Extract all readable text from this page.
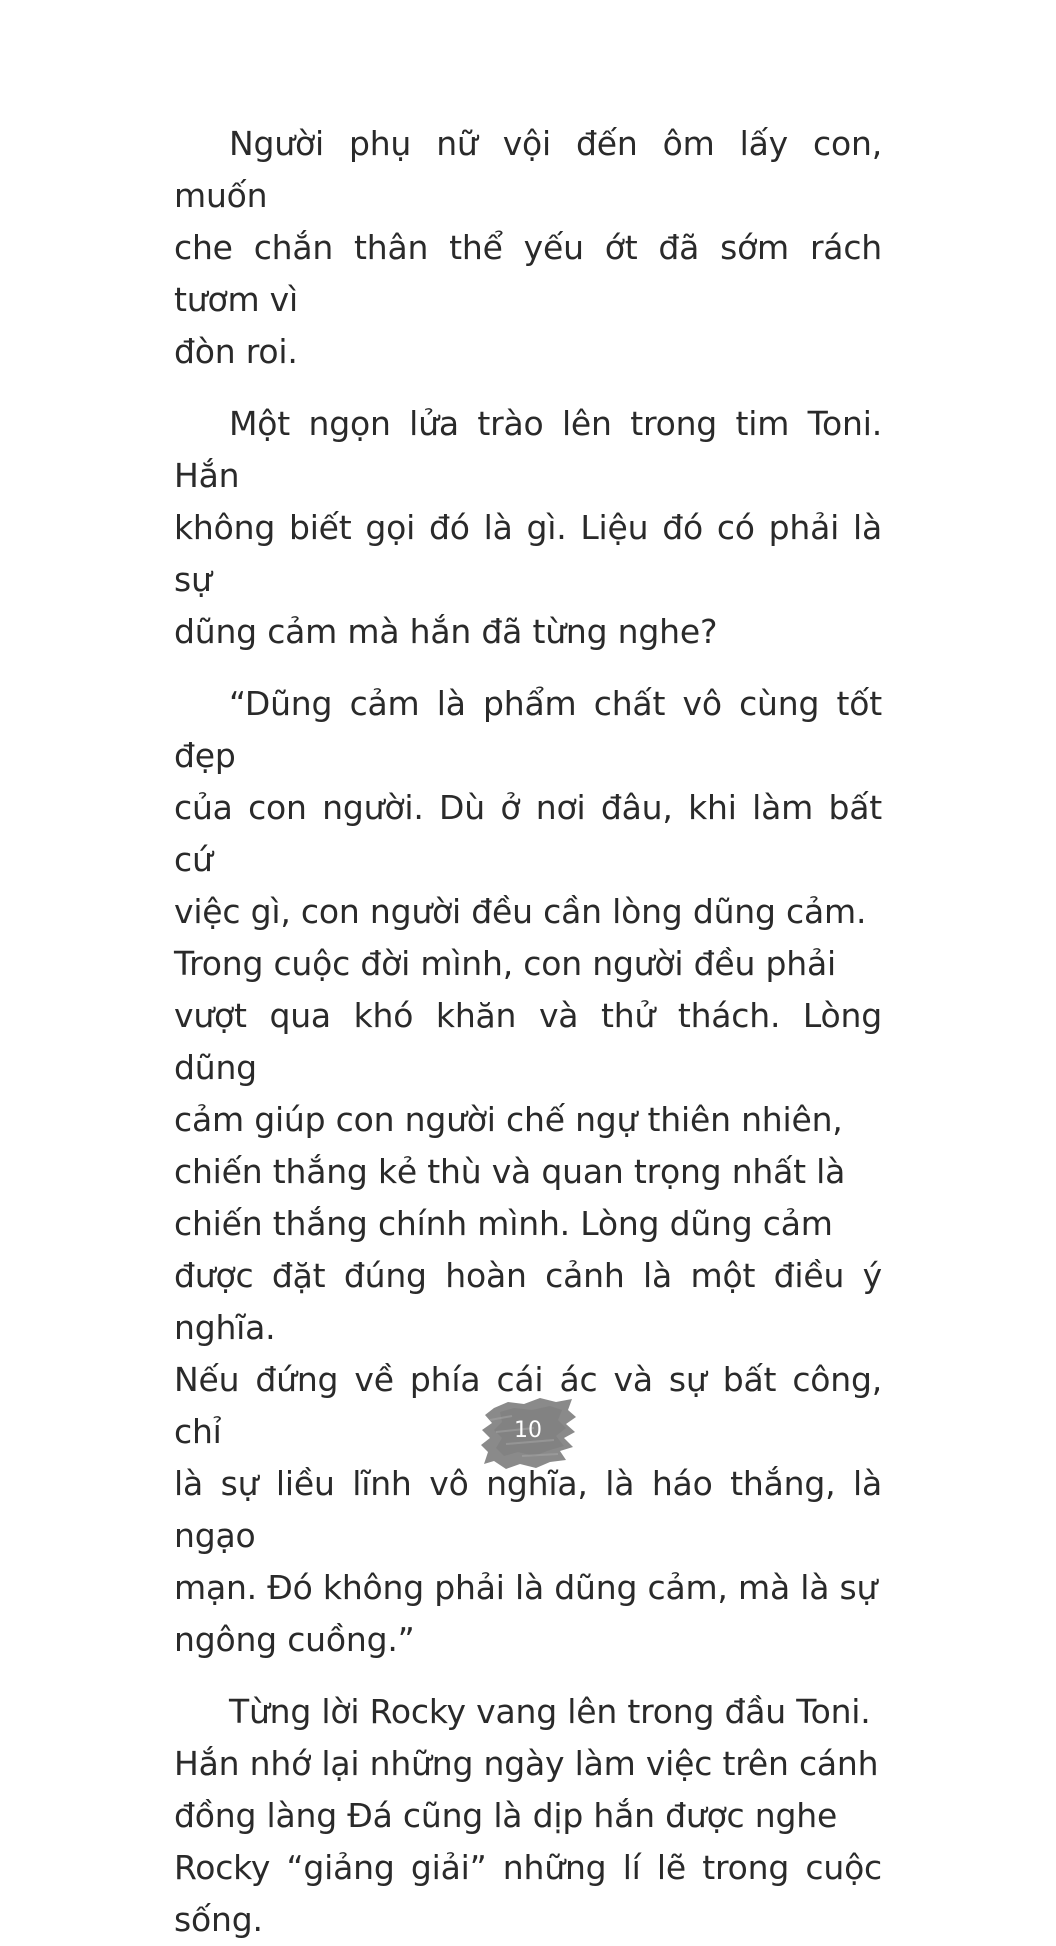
Người phụ nữ vội đến ôm lấy con, muốn
che chắn thân thể yếu ớt đã sớm rách tươm vì
đòn roi.

Một ngọn lửa trào lên trong tim Toni. Hắn
không biết gọi đó là gì. Liệu đó có phải là sự
dũng cảm mà hắn đã từng nghe?

“Dũng cảm là phẩm chất vô cùng tốt đẹp
của con người. Dù ở nơi đâu, khi làm bất cứ
việc gì, con người đều cần lòng dũng cảm.
Trong cuộc đời mình, con người đều phải
vượt qua khó khăn và thử thách. Lòng dũng
cảm giúp con người chế ngự thiên nhiên,
chiến thắng kẻ thù và quan trọng nhất là
chiến thắng chính mình. Lòng dũng cảm
được đặt đúng hoàn cảnh là một điều ý nghĩa.
Nếu đứng về phía cái ác và sự bất công, chỉ
là sự liều lĩnh vô nghĩa, là háo thắng, là ngạo
mạn. Đó không phải là dũng cảm, mà là sự
ngông cuồng.”

Từng lời Rocky vang lên trong đầu Toni.
Hắn nhớ lại những ngày làm việc trên cánh
đồng làng Đá cũng là dịp hắn được nghe
Rocky “giảng giải” những lí lẽ trong cuộc sống.

10
